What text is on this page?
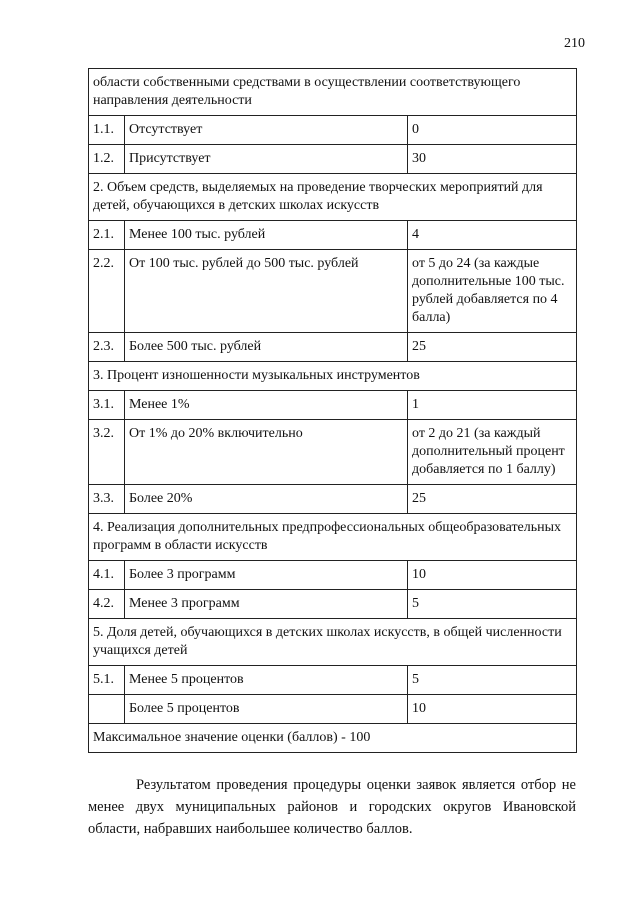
210
области собственными средствами в осуществлении соответствующего направления деятельности		
1.1.	Отсутствует	0
1.2.	Присутствует	30
2. Объем средств, выделяемых на проведение творческих мероприятий для детей, обучающихся в детских школах искусств		
2.1.	Менее 100 тыс. рублей	4
2.2.	От 100 тыс. рублей до 500 тыс. рублей	от 5 до 24 (за каждые дополнительные 100 тыс. рублей добавляется по 4 балла)
2.3.	Более 500 тыс. рублей	25
3. Процент изношенности музыкальных инструментов		
3.1.	Менее 1%	1
3.2.	От 1% до 20% включительно	от 2 до 21 (за каждый дополнительный процент добавляется по 1 баллу)
3.3.	Более 20%	25
4. Реализация дополнительных предпрофессиональных общеобразовательных программ в области искусств		
4.1.	Более 3 программ	10
4.2.	Менее 3 программ	5
5. Доля детей, обучающихся в детских школах искусств, в общей численности учащихся детей		
5.1.	Менее 5 процентов	5
	Более 5 процентов	10
Максимальное значение оценки (баллов) - 100		

Результатом проведения процедуры оценки заявок является отбор не менее двух муниципальных районов и городских округов Ивановской области, набравших наибольшее количество баллов.
